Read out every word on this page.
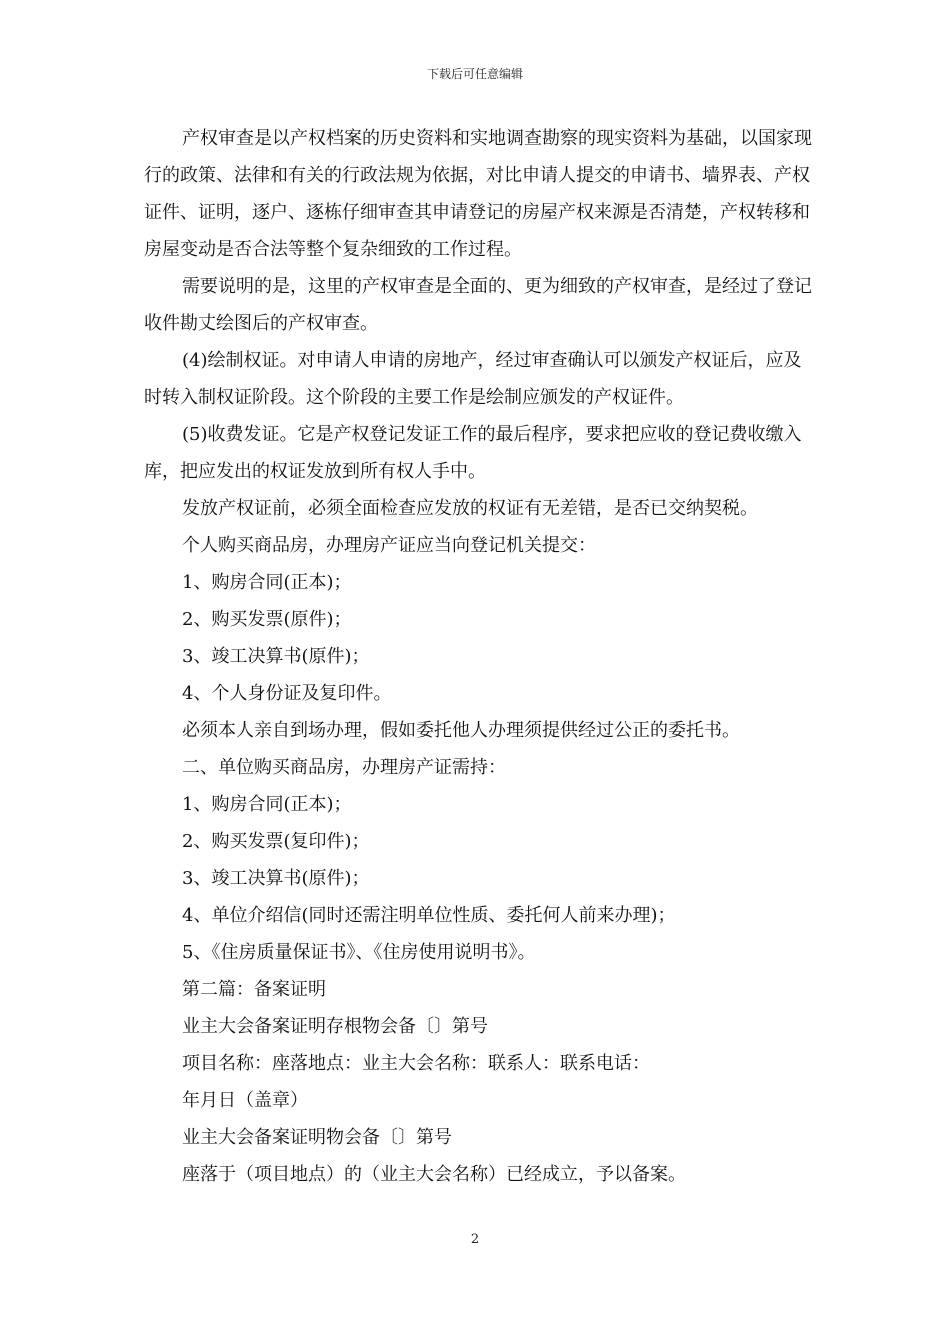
下载后可任意编辑

产权审查是以产权档案的历史资料和实地调查勘察的现实资料为基础，以国家现行的政策、法律和有关的行政法规为依据，对比申请人提交的申请书、墙界表、产权证件、证明，逐户、逐栋仔细审查其申请登记的房屋产权来源是否清楚，产权转移和房屋变动是否合法等整个复杂细致的工作过程。

需要说明的是，这里的产权审查是全面的、更为细致的产权审查，是经过了登记收件勘丈绘图后的产权审查。

(4)绘制权证。对申请人申请的房地产，经过审查确认可以颁发产权证后，应及时转入制权证阶段。这个阶段的主要工作是绘制应颁发的产权证件。

(5)收费发证。它是产权登记发证工作的最后程序，要求把应收的登记费收缴入库，把应发出的权证发放到所有权人手中。

发放产权证前，必须全面检查应发放的权证有无差错，是否已交纳契税。

个人购买商品房，办理房产证应当向登记机关提交：

1、购房合同(正本)；

2、购买发票(原件)；

3、竣工决算书(原件)；

4、个人身份证及复印件。

必须本人亲自到场办理，假如委托他人办理须提供经过公正的委托书。

二、单位购买商品房，办理房产证需持：

1、购房合同(正本)；

2、购买发票(复印件)；

3、竣工决算书(原件)；

4、单位介绍信(同时还需注明单位性质、委托何人前来办理)；

5、《住房质量保证书》、《住房使用说明书》。

第二篇：备案证明

业主大会备案证明存根物会备〔〕第号

项目名称：座落地点：业主大会名称：联系人：联系电话：

年月日（盖章）

业主大会备案证明物会备〔〕第号

座落于（项目地点）的（业主大会名称）已经成立，予以备案。

2
